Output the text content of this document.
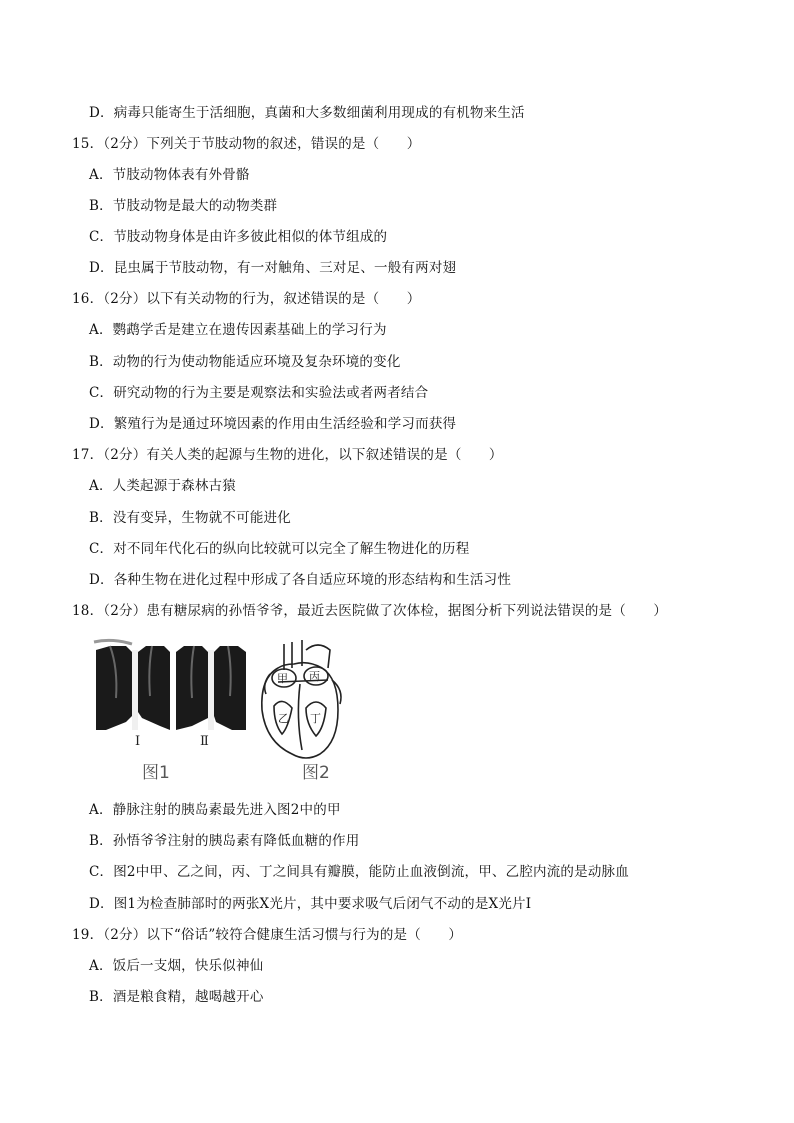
D．病毒只能寄生于活细胞，真菌和大多数细菌利用现成的有机物来生活
15．（2分）下列关于节肢动物的叙述，错误的是（　　）
A．节肢动物体表有外骨骼
B．节肢动物是最大的动物类群
C．节肢动物身体是由许多彼此相似的体节组成的
D．昆虫属于节肢动物，有一对触角、三对足、一般有两对翅
16．（2分）以下有关动物的行为，叙述错误的是（　　）
A．鹦鹉学舌是建立在遗传因素基础上的学习行为
B．动物的行为使动物能适应环境及复杂环境的变化
C．研究动物的行为主要是观察法和实验法或者两者结合
D．繁殖行为是通过环境因素的作用由生活经验和学习而获得
17．（2分）有关人类的起源与生物的进化，以下叙述错误的是（　　）
A．人类起源于森林古猿
B．没有变异，生物就不可能进化
C．对不同年代化石的纵向比较就可以完全了解生物进化的历程
D．各种生物在进化过程中形成了各自适应环境的形态结构和生活习性
18．（2分）患有糖尿病的孙悟爷爷，最近去医院做了次体检，据图分析下列说法错误的是（　　）
Ⅰ	Ⅱ
图1	图2
甲 丙
乙 丁
A．静脉注射的胰岛素最先进入图2中的甲
B．孙悟爷爷注射的胰岛素有降低血糖的作用
C．图2中甲、乙之间，丙、丁之间具有瓣膜，能防止血液倒流，甲、乙腔内流的是动脉血
D．图1为检查肺部时的两张X光片，其中要求吸气后闭气不动的是X光片Ⅰ
19．（2分）以下“俗话”较符合健康生活习惯与行为的是（　　）
A．饭后一支烟，快乐似神仙
B．酒是粮食精，越喝越开心
